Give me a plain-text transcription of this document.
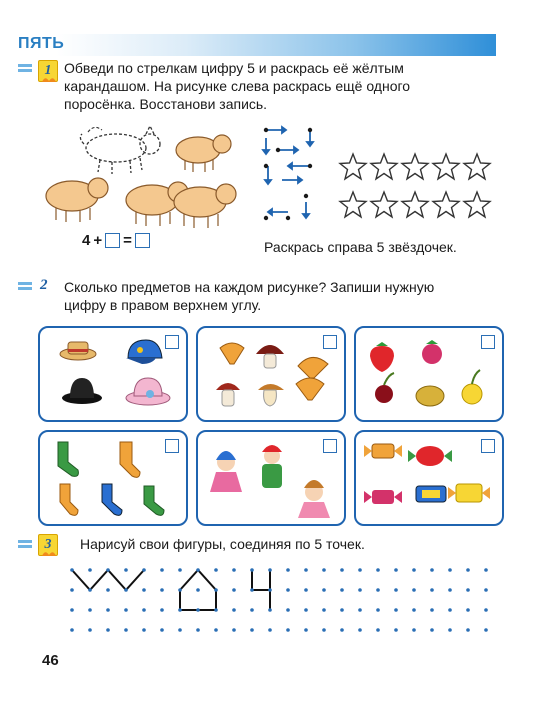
ПЯТЬ
1 Обведи по стрелкам цифру 5 и раскрась её жёлтым
карандашом. На рисунке слева раскрась ещё одного
поросёнка. Восстанови запись.
4 + =	Раскрась справа 5 звёздочек.
2 Сколько предметов на каждом рисунке? Запиши нужную
цифру в правом верхнем углу.
3	Нарисуй свои фигуры, соединяя по 5 точек.
46
